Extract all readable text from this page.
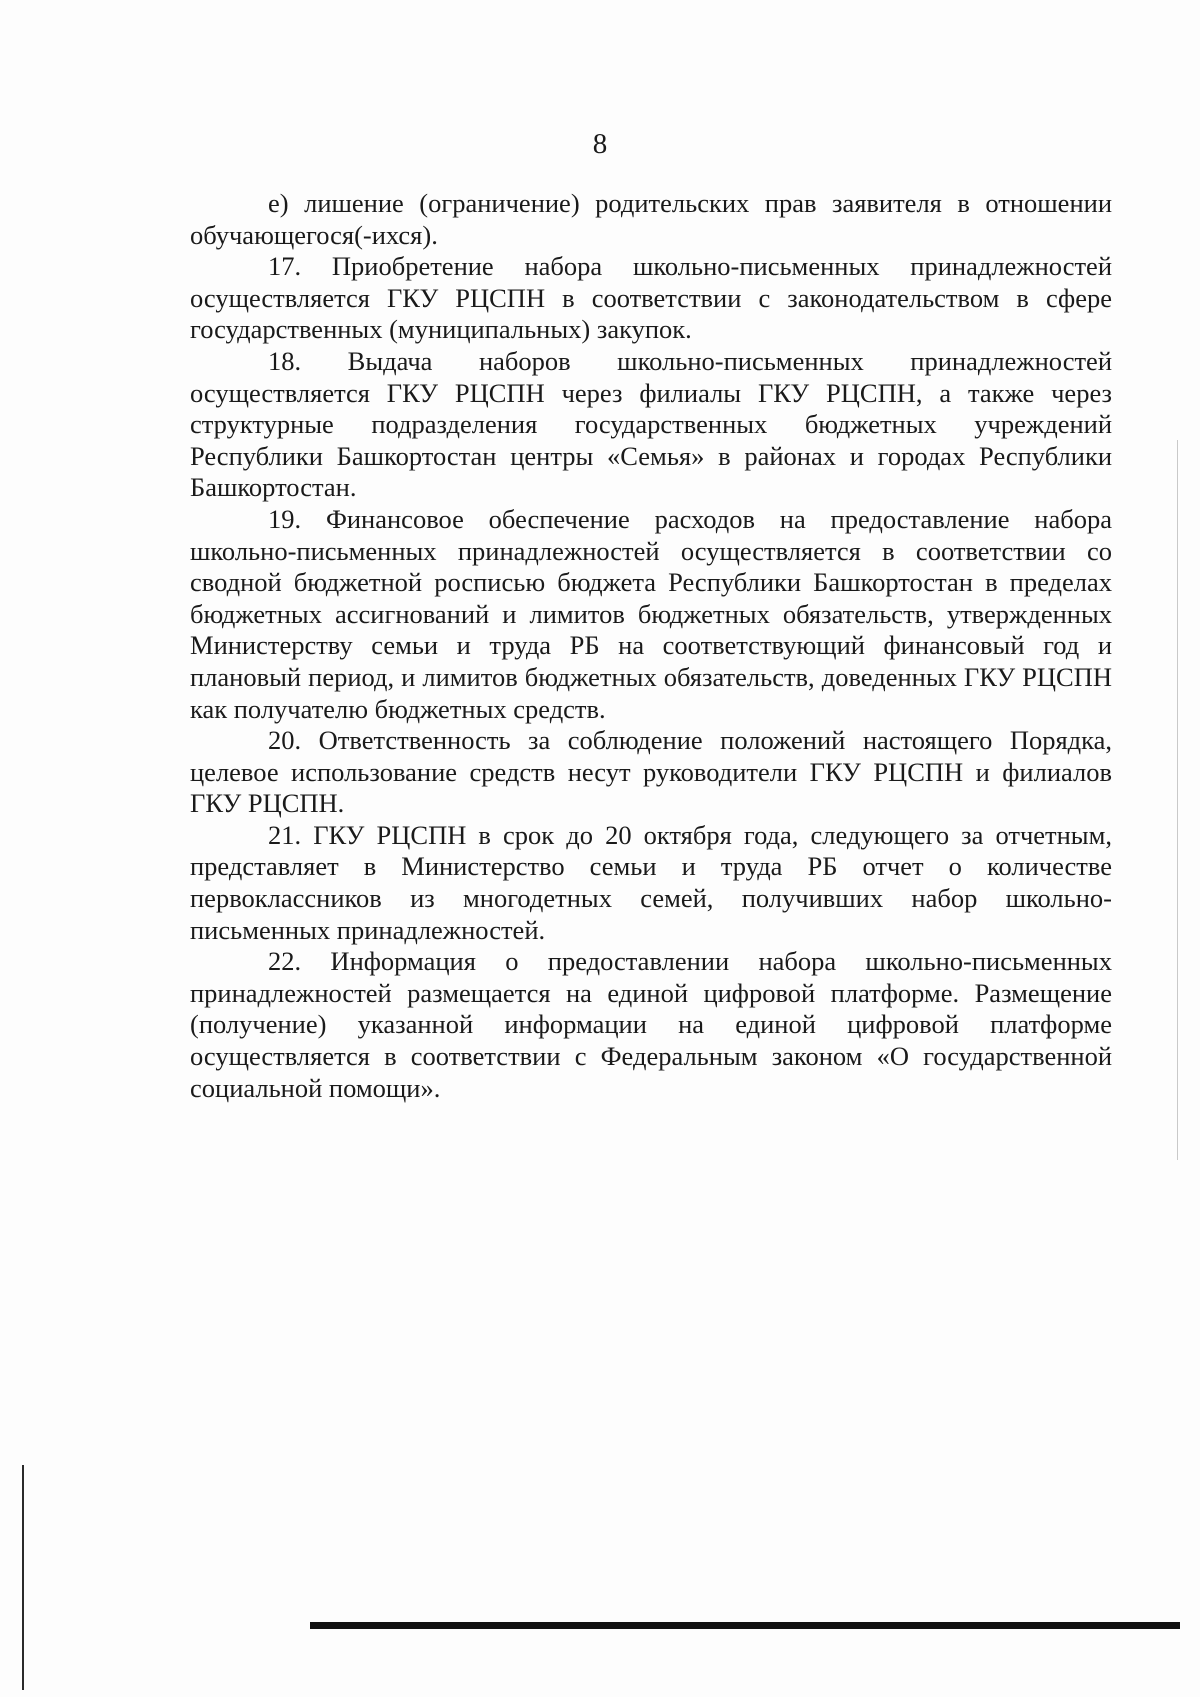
8

е) лишение (ограничение) родительских прав заявителя в отношении обучающегося(-ихся).

17. Приобретение набора школьно-письменных принадлежностей осуществляется ГКУ РЦСПН в соответствии с законодательством в сфере государственных (муниципальных) закупок.

18. Выдача наборов школьно-письменных принадлежностей осуществляется ГКУ РЦСПН через филиалы ГКУ РЦСПН, а также через структурные подразделения государственных бюджетных учреждений Республики Башкортостан центры «Семья» в районах и городах Республики Башкортостан.

19. Финансовое обеспечение расходов на предоставление набора школьно-письменных принадлежностей осуществляется в соответствии со сводной бюджетной росписью бюджета Республики Башкортостан в пределах бюджетных ассигнований и лимитов бюджетных обязательств, утвержденных Министерству семьи и труда РБ на соответствующий финансовый год и плановый период, и лимитов бюджетных обязательств, доведенных ГКУ РЦСПН как получателю бюджетных средств.

20. Ответственность за соблюдение положений настоящего Порядка, целевое использование средств несут руководители ГКУ РЦСПН и филиалов ГКУ РЦСПН.

21. ГКУ РЦСПН в срок до 20 октября года, следующего за отчетным, представляет в Министерство семьи и труда РБ отчет о количестве первоклассников из многодетных семей, получивших набор школьно-письменных принадлежностей.

22. Информация о предоставлении набора школьно-письменных принадлежностей размещается на единой цифровой платформе. Размещение (получение) указанной информации на единой цифровой платформе осуществляется в соответствии с Федеральным законом «О государственной социальной помощи».
